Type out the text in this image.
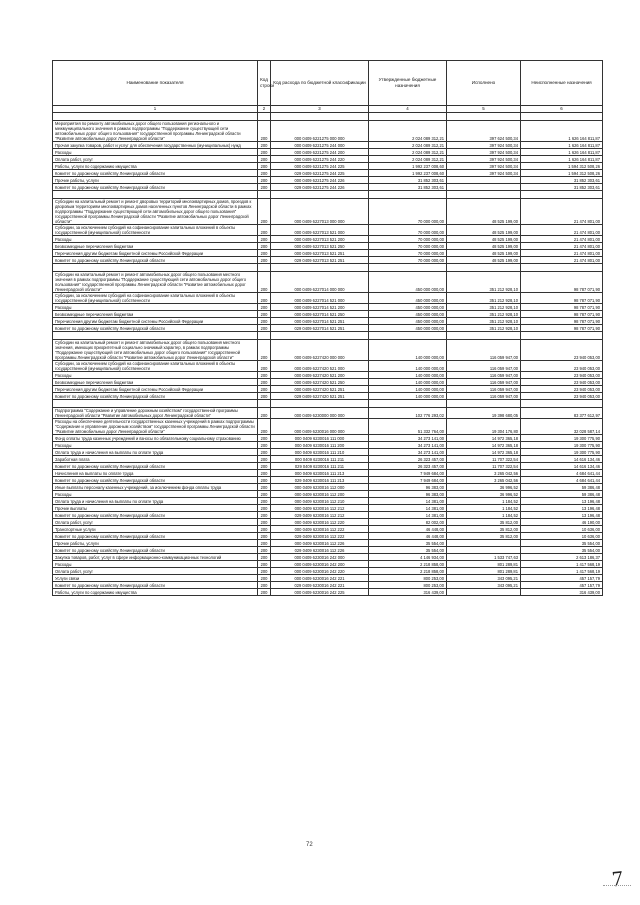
Наименование показателя	Код строки	Код расхода по бюджетной классификации	Утвержденные бюджетные назначения	Исполнено	Неисполненные назначения
1	2	3	4	5	6

Мероприятия по ремонту автомобильных дорог общего пользования регионального и межмуниципального значения в рамках подпрограммы "Поддержание существующей сети автомобильных дорог общего пользования" государственной программы Ленинградской области "Развитие автомобильных дорог Ленинградской области"	200	000 0409 6221275 000 000	2 024 089 312,21	397 624 500,34	1 626 164 811,87
Прочая закупка товаров, работ и услуг для обеспечения государственных (муниципальных) нужд	200	000 0409 6221275 244 000	2 024 089 312,21	397 924 500,34	1 626 164 811,87
Расходы	200	000 0409 6221275 244 200	2 024 089 312,21	397 924 500,34	1 626 164 811,87
Оплата работ, услуг	200	000 0409 6221275 244 220	2 024 089 312,21	397 924 500,34	1 626 164 811,87
Работы, услуги по содержанию имущества	200	000 0409 6221275 244 225	1 992 237 008,60	397 924 500,34	1 594 312 508,26
Комитет по дорожному хозяйству Ленинградской области	200	029 0409 6221275 244 225	1 992 237 008,60	397 924 500,34	1 594 312 508,26
Прочие работы, услуги	200	000 0409 6221275 244 226	31 852 303,61		31 852 303,61
Комитет по дорожному хозяйству Ленинградской области	200	029 0409 6221275 244 226	31 852 303,61		31 852 303,61

Субсидии на капитальный ремонт и ремонт дворовых территорий многоквартирных домов, проездов к дворовым территориям многоквартирных домов населенных пунктов Ленинградской области в рамках подпрограммы "Поддержание существующей сети автомобильных дорог общего пользования" государственной программы Ленинградской области "Развитие автомобильных дорог Ленинградской области"	200	000 0409 6227013 000 000	70 000 000,00	48 525 199,00	21 474 801,00
Субсидии, за исключением субсидий на софинансирование капитальных вложений в объекты государственной (муниципальной) собственности	200	000 0409 6227013 521 000	70 000 000,00	48 525 199,00	21 474 801,00
Расходы	200	000 0409 6227013 521 200	70 000 000,00	48 525 199,00	21 474 801,00
Безвозмездные перечисления бюджетам	200	000 0409 6227013 521 250	70 000 000,00	48 525 199,00	21 474 801,00
Перечисления другим бюджетам бюджетной системы Российской Федерации	200	000 0409 6227013 521 251	70 000 000,00	48 525 199,00	21 474 801,00
Комитет по дорожному хозяйству Ленинградской области	200	029 0409 6227013 521 251	70 000 000,00	48 525 199,00	21 474 801,00

Субсидии на капитальный ремонт и ремонт автомобильных дорог общего пользования местного значения в рамках подпрограммы "Поддержание существующей сети автомобильных дорог общего пользования" государственной программы Ленинградской области "Развитие автомобильных дорог Ленинградской области"	200	000 0409 6227014 000 000	450 000 000,00	351 212 928,10	98 787 071,90
Субсидии, за исключением субсидий на софинансирование капитальных вложений в объекты государственной (муниципальной) собственности	200	000 0409 6227014 521 000	450 000 000,00	351 212 928,10	98 787 071,90
Расходы	200	000 0409 6227014 521 200	450 000 000,00	351 212 928,10	98 787 071,90
Безвозмездные перечисления бюджетам	200	000 0409 6227014 521 250	450 000 000,00	351 212 928,10	98 787 071,90
Перечисления другим бюджетам бюджетной системы Российской Федерации	200	000 0409 6227014 521 251	450 000 000,00	351 212 928,10	98 787 071,90
Комитет по дорожному хозяйству Ленинградской области	200	029 0409 6227014 521 251	450 000 000,00	351 212 928,10	98 787 071,90

Субсидии на капитальный ремонт и ремонт автомобильных дорог общего пользования местного значения, имеющих приоритетный социально значимый характер, в рамках подпрограммы "Поддержание существующей сети автомобильных дорог общего пользования" государственной программы Ленинградской области "Развитие автомобильных дорог Ленинградской области"	200	000 0409 6227420 000 000	140 000 000,00	116 059 947,00	23 940 053,00
Субсидии, за исключением субсидий на софинансирование капитальных вложений в объекты государственной (муниципальной) собственности	200	000 0409 6227420 521 000	140 000 000,00	116 059 947,00	23 940 053,00
Расходы	200	000 0409 6227420 521 200	140 000 000,00	116 059 947,00	23 940 053,00
Безвозмездные перечисления бюджетам	200	000 0409 6227420 521 250	140 000 000,00	116 059 947,00	23 940 053,00
Перечисления другим бюджетам бюджетной системы Российской Федерации	200	000 0409 6227420 521 251	140 000 000,00	116 059 947,00	23 940 053,00
Комитет по дорожному хозяйству Ленинградской области	200	029 0409 6227420 521 251	140 000 000,00	116 059 947,00	23 940 053,00

Подпрограмма "Содержание и управление дорожным хозяйством" государственной программы Ленинградской области "Развитие автомобильных дорог Ленинградской области"	200	000 0409 6230000 000 000	102 776 293,02	19 398 680,05	83 377 612,97
Расходы на обеспечение деятельности государственных казенных учреждений в рамках подпрограммы "Содержание и управление дорожным хозяйством" государственной программы Ленинградской области "Развитие автомобильных дорог Ленинградской области"	200	000 0409 6230016 000 000	51 332 764,00	19 304 176,80	32 028 587,14
Фонд оплаты труда казенных учреждений и взносы по обязательному социальному страхованию	200	000 0409 6230016 111 000	34 273 141,00	14 972 365,18	19 300 775,90
Расходы	200	000 0409 6230016 111 200	34 273 141,00	14 972 365,18	19 300 775,90
Оплата труда и начисления на выплаты по оплате труда	200	000 0409 6230016 111 210	34 273 141,00	14 972 365,18	19 300 775,90
Заработная плата	200	000 0409 6230016 111 211	26 323 457,00	11 707 322,54	14 616 134,46
Комитет по дорожному хозяйству Ленинградской области	200	029 0409 6230016 111 211	26 323 457,00	11 707 322,54	14 616 134,46
Начисления на выплаты по оплате труда	200	000 0409 6230016 111 213	7 949 684,00	3 265 042,56	4 684 641,44
Комитет по дорожному хозяйству Ленинградской области	200	029 0409 6230016 111 213	7 949 684,00	3 265 042,56	4 684 641,44
Иные выплаты персоналу казенных учреждений, за исключением фонда оплаты труда	200	000 0409 6230016 112 000	96 383,00	36 996,52	59 386,48
Расходы	200	000 0409 6230016 112 200	96 383,00	36 996,52	59 386,48
Оплата труда и начисления на выплаты по оплате труда	200	000 0409 6230016 112 210	14 381,00	1 184,52	13 196,48
Прочие выплаты	200	000 0409 6230016 112 212	14 381,00	1 184,52	13 196,48
Комитет по дорожному хозяйству Ленинградской области	200	029 0409 6230016 112 212	14 381,00	1 184,52	13 196,48
Оплата работ, услуг	200	000 0409 6230016 112 220	82 002,00	35 812,00	46 190,00
Транспортные услуги	200	000 0409 6230016 112 222	46 448,00	35 812,00	10 636,00
Комитет по дорожному хозяйству Ленинградской области	200	029 0409 6230016 112 222	46 448,00	35 812,00	10 636,00
Прочие работы, услуги	200	000 0409 6230016 112 226	35 554,00		35 554,00
Комитет по дорожному хозяйству Ленинградской области	200	029 0409 6230016 112 226	35 554,00		35 554,00
Закупка товаров, работ, услуг в сфере информационно-коммуникационных технологий	200	000 0409 6230016 242 000	4 146 934,00	1 533 747,63	2 613 186,37
Расходы	200	000 0409 6230016 242 200	2 218 858,00	801 289,81	1 417 568,19
Оплата работ, услуг	200	000 0409 6230016 242 220	2 218 858,00	801 289,81	1 417 568,19
Услуги связи	200	000 0409 6230016 242 221	800 253,00	343 095,21	457 157,79
Комитет по дорожному хозяйству Ленинградской области	200	029 0409 6230016 242 221	800 253,00	343 095,21	457 157,79
Работы, услуги по содержанию имущества	200	000 0409 6230016 242 225	316 439,00		316 439,00
72
7
